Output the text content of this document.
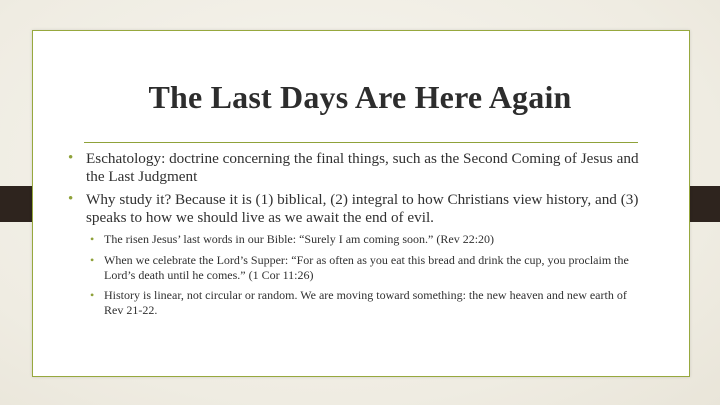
The Last Days Are Here Again

• Eschatology: doctrine concerning the final things, such as the Second Coming of Jesus and the Last Judgment

• Why study it? Because it is (1) biblical, (2) integral to how Christians view history, and (3) speaks to how we should live as we await the end of evil.

• The risen Jesus’ last words in our Bible: “Surely I am coming soon.” (Rev 22:20)

• When we celebrate the Lord’s Supper: “For as often as you eat this bread and drink the cup, you proclaim the Lord’s death until he comes.” (1 Cor 11:26)

• History is linear, not circular or random. We are moving toward something: the new heaven and new earth of Rev 21-22.
